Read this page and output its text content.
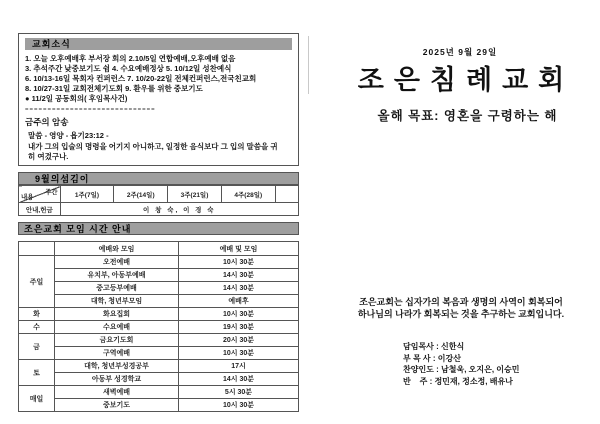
교회소식
1. 오늘 오후예배후 부서장 회의 2.10/5일 연합예배,오후예배 없음
3. 추석주간 낮중보기도 쉼 4. 수요예배정상 5. 10/12일 성찬예식
6. 10/13-16일 목회자 컨퍼런스 7. 10/20-22일 전체컨퍼런스,전국친교회
8. 10/27-31일 교회전체기도회 9. 환우를 위한 중보기도
● 11/2일 공동회의( 후임목사건)
=============================
금주의 암송
말씀 - 영양 - 욥기23:12 -
내가 그의 입술의 명령을 어기지 아니하고, 일정한 음식보다 그 입의 말씀을 귀히 여겼구나.
9월의섬김이
주간
내용	1주(7일)	2주(14일)	3주(21일)	4주(28일)	
안내,헌금	이 창 숙, 이 경 숙				
조은교회 모임 시간 안내
	예배와 모임	예배 및 모임
주일	오전예배	10시 30분
	유치부, 아동부예배	14시 30분
	중고등부예배	14시 30분
	대학, 청년부모임	예배후
화	화요집회	10시 30분
수	수요예배	19시 30분
금	금요기도회	20시 30분
	구역예배	10시 30분
토	대학, 청년부성경공부	17시
	아동부 성경학교	14시 30분
매일	새벽예배	5시 30분
	중보기도	10시 30분
2025년 9월 29일
조은침례교회
올해 목표: 영혼을 구령하는 해
조은교회는 십자가의 복음과 생명의 사역이 회복되어
하나님의 나라가 회복되는 것을 추구하는 교회입니다.
담임목사 : 신한식
부 목 사 : 이강산
찬양인도 : 남철욱, 오지은, 이승민
반    주 : 정민재, 정소정, 배유나
